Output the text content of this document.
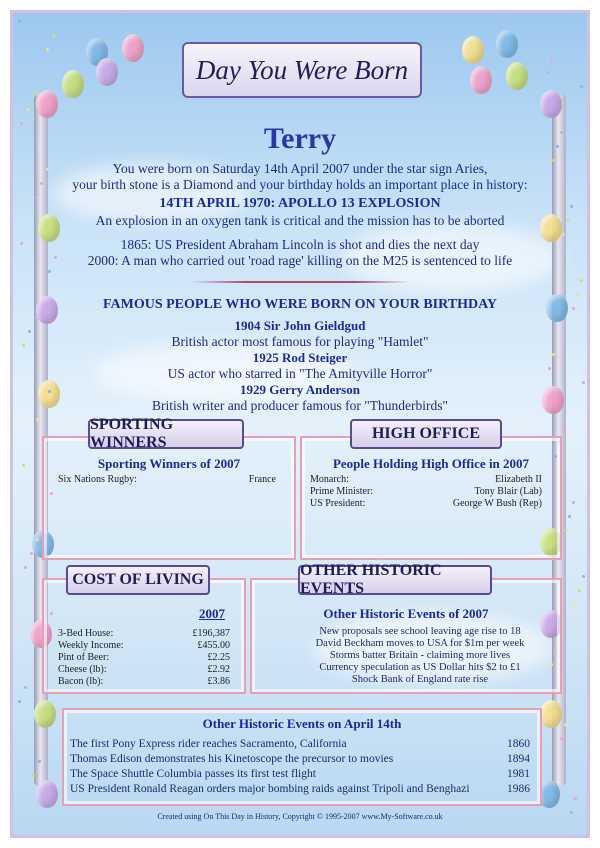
Day You Were Born
Terry
You were born on Saturday 14th April 2007 under the star sign Aries,
your birth stone is a Diamond and your birthday holds an important place in history:
14TH APRIL 1970: APOLLO 13 EXPLOSION
An explosion in an oxygen tank is critical and the mission has to be aborted
1865: US President Abraham Lincoln is shot and dies the next day
2000: A man who carried out 'road rage' killing on the M25 is sentenced to life
FAMOUS PEOPLE WHO WERE BORN ON YOUR BIRTHDAY
1904 Sir John Gieldgud
British actor most famous for playing "Hamlet"
1925 Rod Steiger
US actor who starred in "The Amityville Horror"
1929 Gerry Anderson
British writer and producer famous for "Thunderbirds"
SPORTING WINNERS
Sporting Winners of 2007
Six Nations Rugby:	France
HIGH OFFICE
People Holding High Office in 2007
Monarch:	Elizabeth II
Prime Minister:	Tony Blair (Lab)
US President:	George W Bush (Rep)
COST OF LIVING
2007
3-Bed House:	£196,387
Weekly Income:	£455.00
Pint of Beer:	£2.25
Cheese (lb):	£2.92
Bacon (lb):	£3.86
OTHER HISTORIC EVENTS
Other Historic Events of 2007
New proposals see school leaving age rise to 18
David Beckham moves to USA for $1m per week
Storms batter Britain - claiming more lives
Currency speculation as US Dollar hits $2 to £1
Shock Bank of England rate rise
Other Historic Events on April 14th
The first Pony Express rider reaches Sacramento, California	1860
Thomas Edison demonstrates his Kinetoscope the precursor to movies	1894
The Space Shuttle Columbia passes its first test flight	1981
US President Ronald Reagan orders major bombing raids against Tripoli and Benghazi	1986
Created using On This Day in History, Copyright © 1995-2007 www.My-Software.co.uk
